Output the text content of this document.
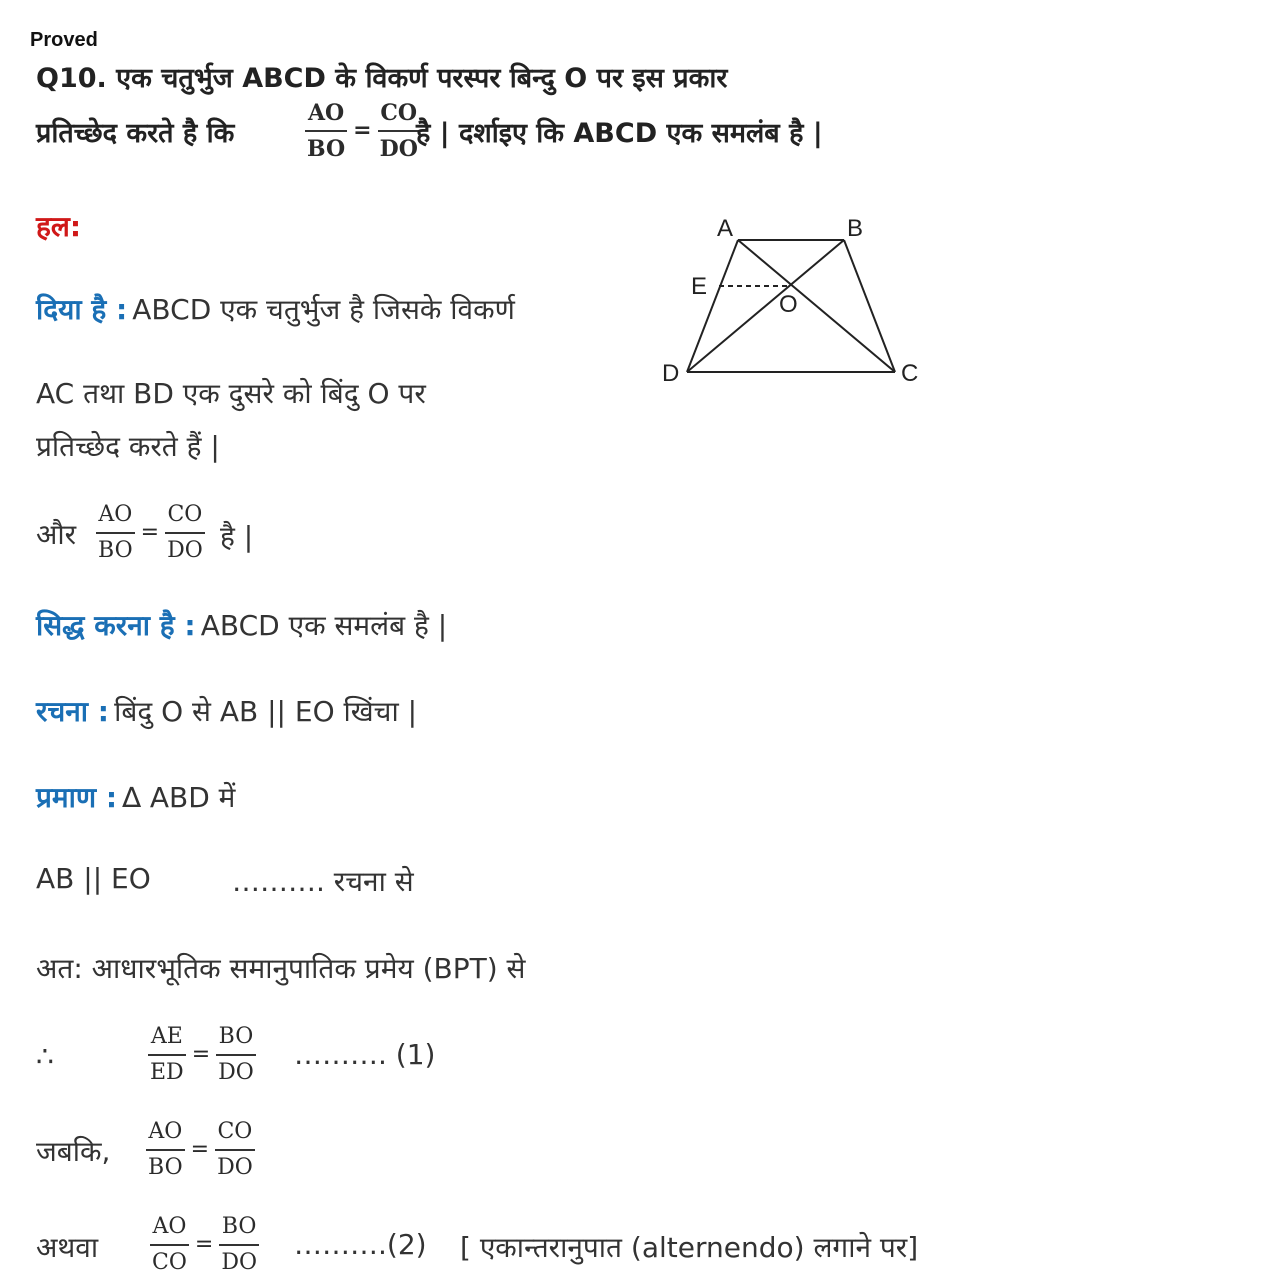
Proved
Q10. एक चतुर्भुज ABCD के विकर्ण परस्पर बिन्दु O पर इस प्रकार
प्रतिच्छेद करते है कि
AO
BO
=
CO
DO
है | दर्शाइए कि ABCD एक समलंब है |
हल:
दिया है : ABCD एक चतुर्भुज है जिसके विकर्ण
AC तथा BD एक दुसरे को बिंदु O पर
प्रतिच्छेद करते हैं |
और
AO
BO
=
CO
DO है |
सिद्ध करना है : ABCD एक समलंब है |
रचना : बिंदु O से AB || EO खिंचा |
प्रमाण : ∆ ABD में
AB || EO	………. रचना से
अत: आधारभूतिक समानुपातिक प्रमेय (BPT) से
∴
AE
ED
=
BO
DO
………. (1)
जबकि,
AO
BO
=
CO
DO
अथवा
AO
CO
=
BO
DO
……….(2) [ एकान्तरानुपात (alternendo) लगाने पर]
A	B
C
D
E
O
